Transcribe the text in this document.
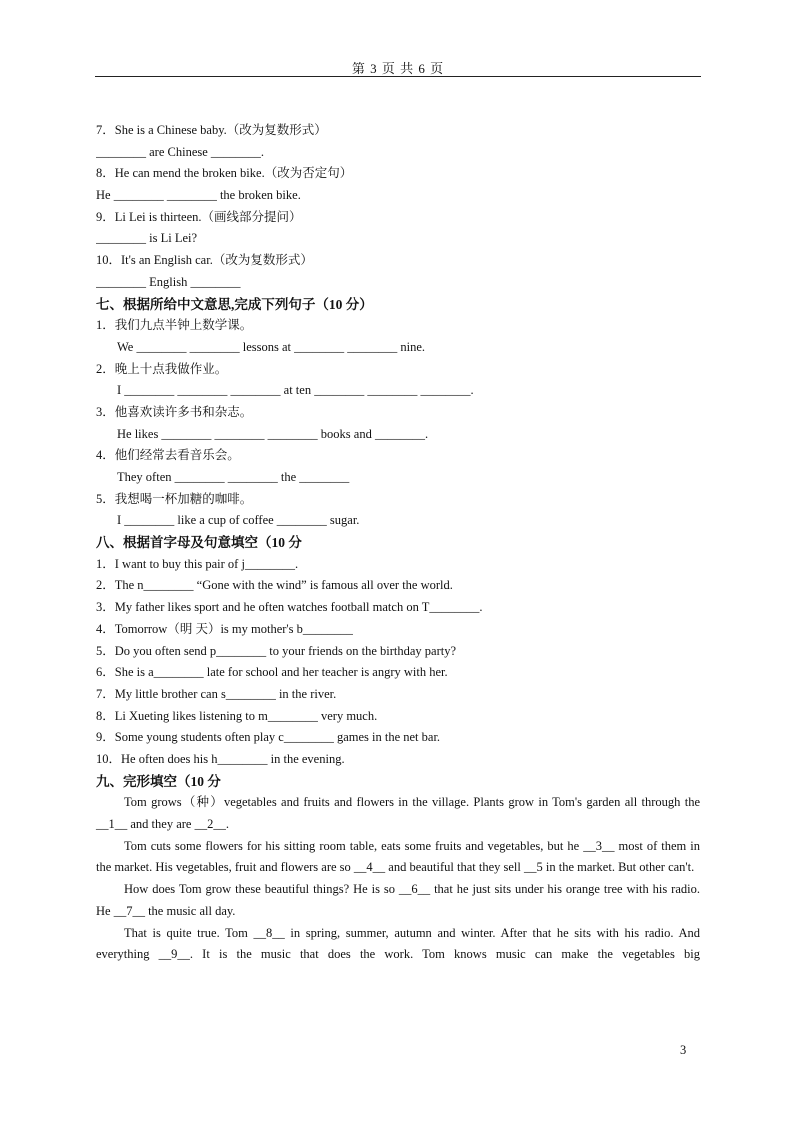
第 3 页 共 6 页
7．She is a Chinese baby.（改为复数形式）
________ are Chinese ________.
8．He can mend the broken bike.（改为否定句）
He ________ ________ the broken bike.
9．Li Lei is thirteen.（画线部分提问）
________ is Li Lei?
10．It's an English car.（改为复数形式）
________ English ________
七、根据所给中文意思,完成下列句子（10 分）
1．我们九点半钟上数学课。
We ________ ________ lessons at ________ ________ nine.
2．晚上十点我做作业。
I ________ ________ ________ at ten ________ ________ ________.
3．他喜欢读许多书和杂志。
He likes ________ ________ ________ books and ________.
4．他们经常去看音乐会。
They often ________ ________ the ________
5．我想喝一杯加糖的咖啡。
I ________ like a cup of coffee ________ sugar.
八、根据首字母及句意填空（10 分
1．I want to buy this pair of j________.
2．The n________ “Gone with the wind” is famous all over the world.
3．My father likes sport and he often watches football match on T________.
4．Tomorrow（明 天）is my mother's b________
5．Do you often send p________ to your friends on the birthday party?
6．She is a________ late for school and her teacher is angry with her.
7．My little brother can s________ in the river.
8．Li Xueting likes listening to m________ very much.
9．Some young students often play c________ games in the net bar.
10．He often does his h________ in the evening.
九、完形填空（10 分

Tom grows（种）vegetables and fruits and flowers in the village. Plants grow in Tom's garden all through the __1__ and they are __2__.

Tom cuts some flowers for his sitting room table, eats some fruits and vegetables, but he __3__ most of them in the market. His vegetables, fruit and flowers are so __4__ and beautiful that they sell __5 in the market. But other can't.

How does Tom grow these beautiful things? He is so __6__ that he just sits under his orange tree with his radio. He __7__ the music all day.

That is quite true. Tom __8__ in spring, summer, autumn and winter. After that he sits with his radio. And everything __9__. It is the music that does the work. Tom knows music can make the vegetables big

3
